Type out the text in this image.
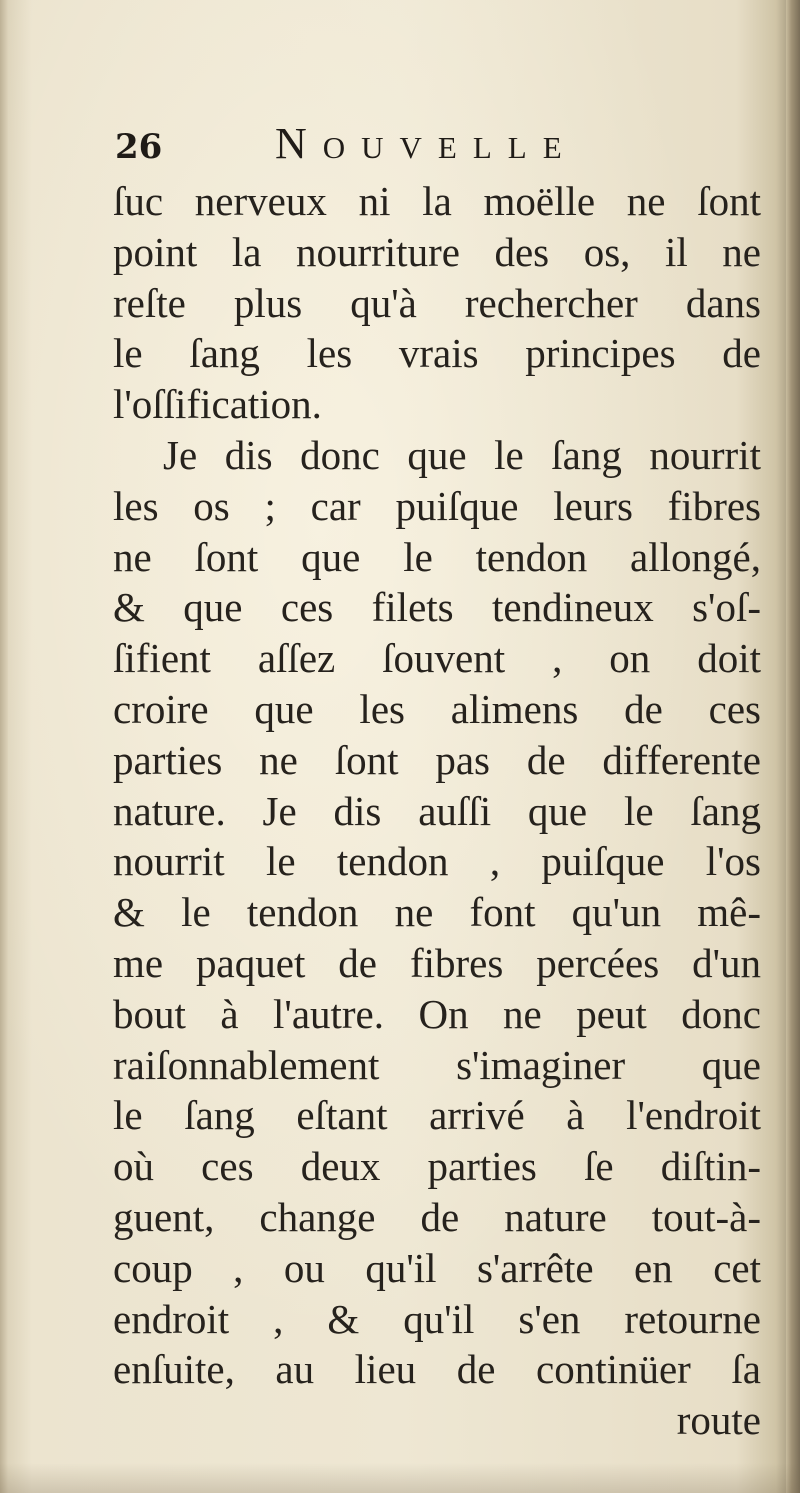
26	Nouvelle
ſuc nerveux ni la moëlle ne ſont
point la nourriture des os, il ne
reſte plus qu'à rechercher dans
le ſang les vrais principes de
l'oſſification.
Je dis donc que le ſang nourrit
les os ; car puiſque leurs fibres
ne ſont que le tendon allongé,
& que ces filets tendineux s'oſ-
ſifient aſſez ſouvent , on doit
croire que les alimens de ces
parties ne ſont pas de differente
nature. Je dis auſſi que le ſang
nourrit le tendon , puiſque l'os
& le tendon ne font qu'un mê-
me paquet de fibres percées d'un
bout à l'autre. On ne peut donc
raiſonnablement s'imaginer que
le ſang eſtant arrivé à l'endroit
où ces deux parties ſe diſtin-
guent, change de nature tout-à-
coup , ou qu'il s'arrête en cet
endroit , & qu'il s'en retourne
enſuite, au lieu de continüer ſa
route
